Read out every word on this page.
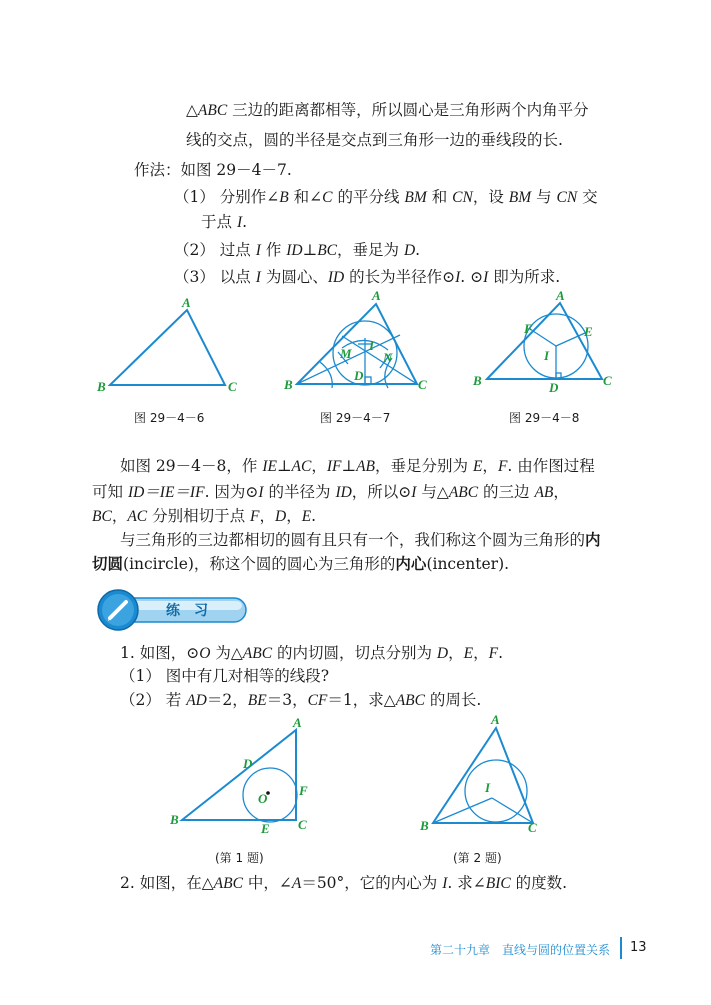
△ABC 三边的距离都相等，所以圆心是三角形两个内角平分
线的交点，圆的半径是交点到三角形一边的垂线段的长.
作法：如图 29－4－7.
（1） 分别作∠B 和∠C 的平分线 BM 和 CN，设 BM 与 CN 交
于点 I.
（2） 过点 I 作 ID⊥BC，垂足为 D.
（3） 以点 I 为圆心、ID 的长为半径作⊙I. ⊙I 即为所求.
A
B	C
图 29－4－6
A
B	C
M N
I
D
图 29－4－7
A
B	C
D
E
F
I
图 29－4－8
如图 29－4－8，作 IE⊥AC，IF⊥AB，垂足分别为 E，F. 由作图过程
可知 ID＝IE＝IF. 因为⊙I 的半径为 ID，所以⊙I 与△ABC 的三边 AB，
BC，AC 分别相切于点 F，D，E.
与三角形的三边都相切的圆有且只有一个，我们称这个圆为三角形的内
切圆(incircle)，称这个圆的圆心为三角形的内心(incenter).
练　习
1. 如图，⊙O 为△ABC 的内切圆，切点分别为 D，E，F.
（1） 图中有几对相等的线段?
（2） 若 AD＝2，BE＝3，CF＝1，求△ABC 的周长.
A
B	C
D
E
F
O
(第 1 题)
A
B	C
I
(第 2 题)
2. 如图，在△ABC 中，∠A＝50°，它的内心为 I. 求∠BIC 的度数.
第二十九章　直线与圆的位置关系 13
